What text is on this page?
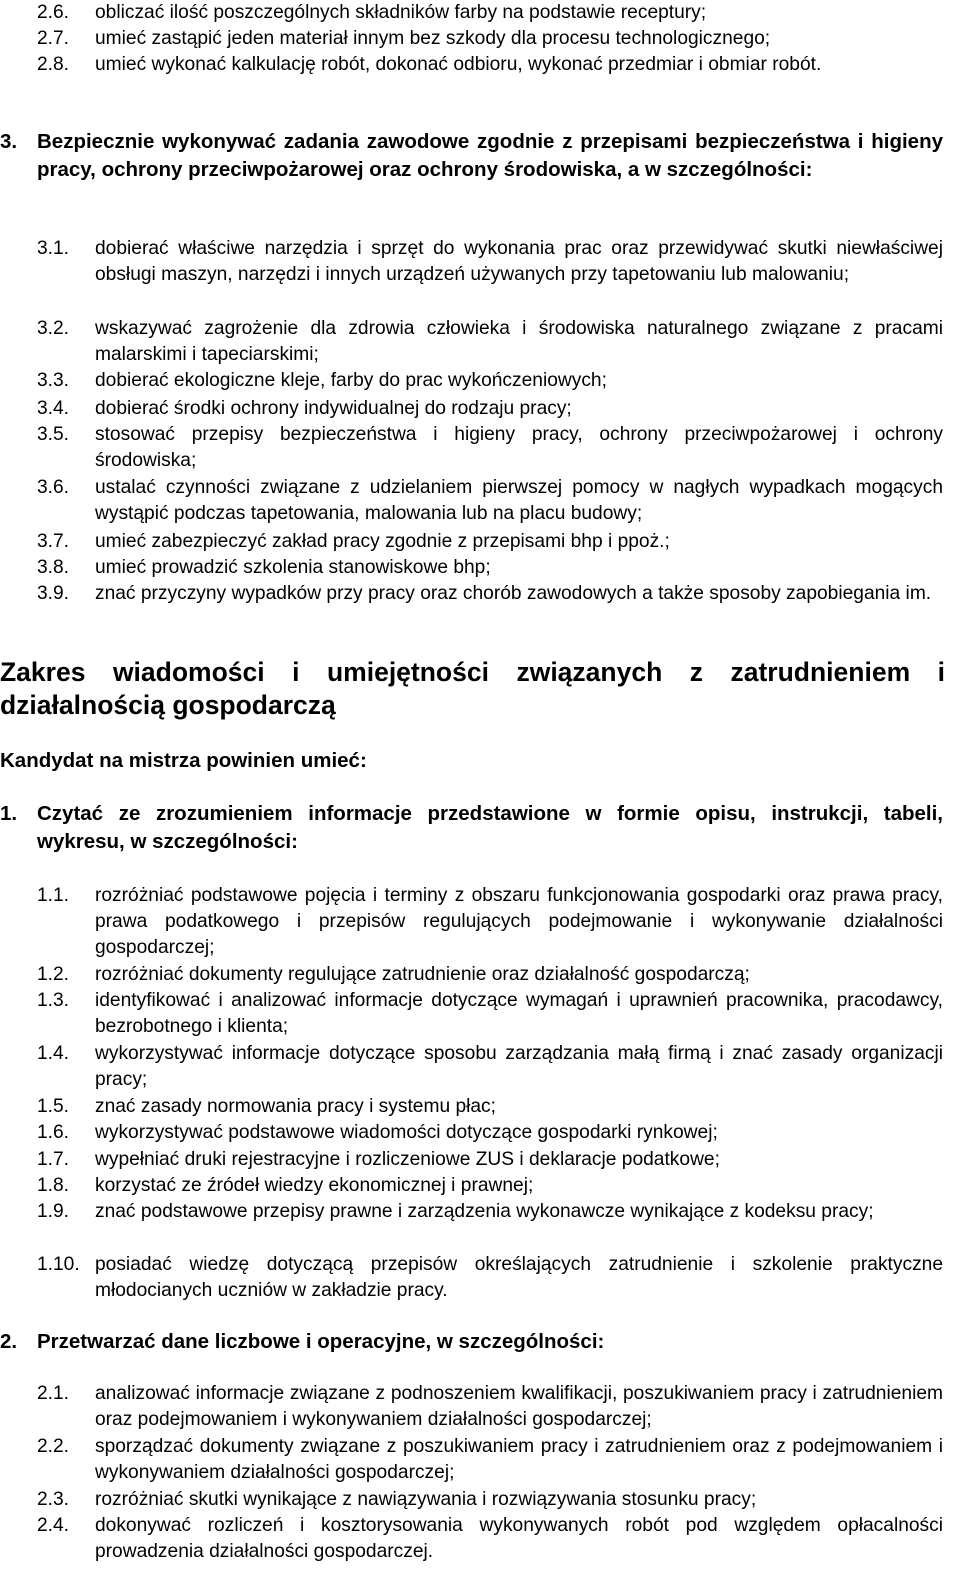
2.6. obliczać ilość poszczególnych składników farby na podstawie receptury;
2.7. umieć zastąpić jeden materiał innym bez szkody dla procesu technologicznego;
2.8. umieć wykonać kalkulację robót, dokonać odbioru, wykonać przedmiar i obmiar robót.
3. Bezpiecznie wykonywać zadania zawodowe zgodnie z przepisami bezpieczeństwa i higieny pracy, ochrony przeciwpożarowej oraz ochrony środowiska, a w szczególności:
3.1. dobierać właściwe narzędzia i sprzęt do wykonania prac oraz przewidywać skutki niewłaściwej obsługi maszyn, narzędzi i innych urządzeń używanych przy tapetowaniu lub malowaniu;
3.2. wskazywać zagrożenie dla zdrowia człowieka i środowiska naturalnego związane z pracami malarskimi i tapeciarskimi;
3.3. dobierać ekologiczne kleje, farby do prac wykończeniowych;
3.4. dobierać środki ochrony indywidualnej do rodzaju pracy;
3.5. stosować przepisy bezpieczeństwa i higieny pracy, ochrony przeciwpożarowej i ochrony środowiska;
3.6. ustalać czynności związane z udzielaniem pierwszej pomocy w nagłych wypadkach mogących wystąpić podczas tapetowania, malowania lub na placu budowy;
3.7. umieć zabezpieczyć zakład pracy zgodnie z przepisami bhp i ppoż.;
3.8. umieć prowadzić szkolenia stanowiskowe bhp;
3.9. znać przyczyny wypadków przy pracy oraz chorób zawodowych a także sposoby zapobiegania im.
Zakres wiadomości i umiejętności związanych z zatrudnieniem i działalnością gospodarczą
Kandydat na mistrza powinien umieć:
1. Czytać ze zrozumieniem informacje przedstawione w formie opisu, instrukcji, tabeli, wykresu, w szczególności:
1.1. rozróżniać podstawowe pojęcia i terminy z obszaru funkcjonowania gospodarki oraz prawa pracy, prawa podatkowego i przepisów regulujących podejmowanie i wykonywanie działalności gospodarczej;
1.2. rozróżniać dokumenty regulujące zatrudnienie oraz działalność gospodarczą;
1.3. identyfikować i analizować informacje dotyczące wymagań i uprawnień pracownika, pracodawcy, bezrobotnego i klienta;
1.4. wykorzystywać informacje dotyczące sposobu zarządzania małą firmą i znać zasady organizacji pracy;
1.5. znać zasady normowania pracy i systemu płac;
1.6. wykorzystywać podstawowe wiadomości dotyczące gospodarki rynkowej;
1.7. wypełniać druki rejestracyjne i rozliczeniowe ZUS i deklaracje podatkowe;
1.8. korzystać ze źródeł wiedzy ekonomicznej i prawnej;
1.9. znać podstawowe przepisy prawne i zarządzenia wykonawcze wynikające z kodeksu pracy;
1.10. posiadać wiedzę dotyczącą przepisów określających zatrudnienie i szkolenie praktyczne młodocianych uczniów w zakładzie pracy.
2. Przetwarzać dane liczbowe i operacyjne, w szczególności:
2.1. analizować informacje związane z podnoszeniem kwalifikacji, poszukiwaniem pracy i zatrudnieniem oraz podejmowaniem i wykonywaniem działalności gospodarczej;
2.2. sporządzać dokumenty związane z poszukiwaniem pracy i zatrudnieniem oraz z podejmowaniem i wykonywaniem działalności gospodarczej;
2.3. rozróżniać skutki wynikające z nawiązywania i rozwiązywania stosunku pracy;
2.4. dokonywać rozliczeń i kosztorysowania wykonywanych robót pod względem opłacalności prowadzenia działalności gospodarczej.
